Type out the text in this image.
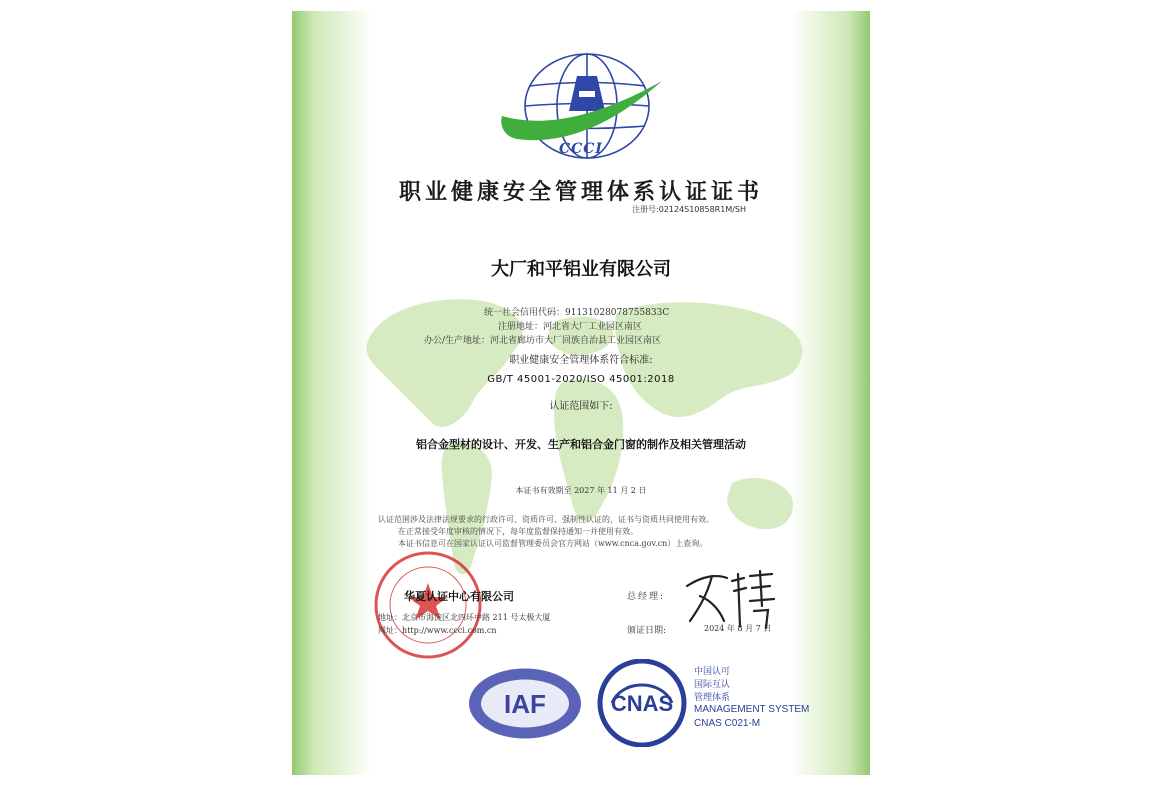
CCCI
职业健康安全管理体系认证证书
注册号:02124S10858R1M/SH
大厂和平铝业有限公司
统一社会信用代码：91131028078755833C
注册地址：河北省大厂工业园区南区
办公/生产地址：河北省廊坊市大厂回族自治县工业园区南区
职业健康安全管理体系符合标准:
GB/T 45001-2020/ISO 45001:2018
认证范围如下:
铝合金型材的设计、开发、生产和铝合金门窗的制作及相关管理活动
本证书有效期至 2027 年 11 月 2 日
认证范围涉及法律法规要求的行政许可、资质许可、强制性认证的，证书与资质共同使用有效。
在正常接受年度审核的情况下，每年度监督保持通知一并使用有效。
本证书信息可在国家认证认可监督管理委员会官方网站（www.cnca.gov.cn）上查询。
华夏认证中心有限公司
地址：北京市海淀区北四环中路 211 号太极大厦
网址：http://www.ccci.com.cn
总经理:
颁证日期:	2024 年 8 月 7 日
IAF	CNAS
中国认可
国际互认
管理体系
MANAGEMENT SYSTEM
CNAS C021-M
